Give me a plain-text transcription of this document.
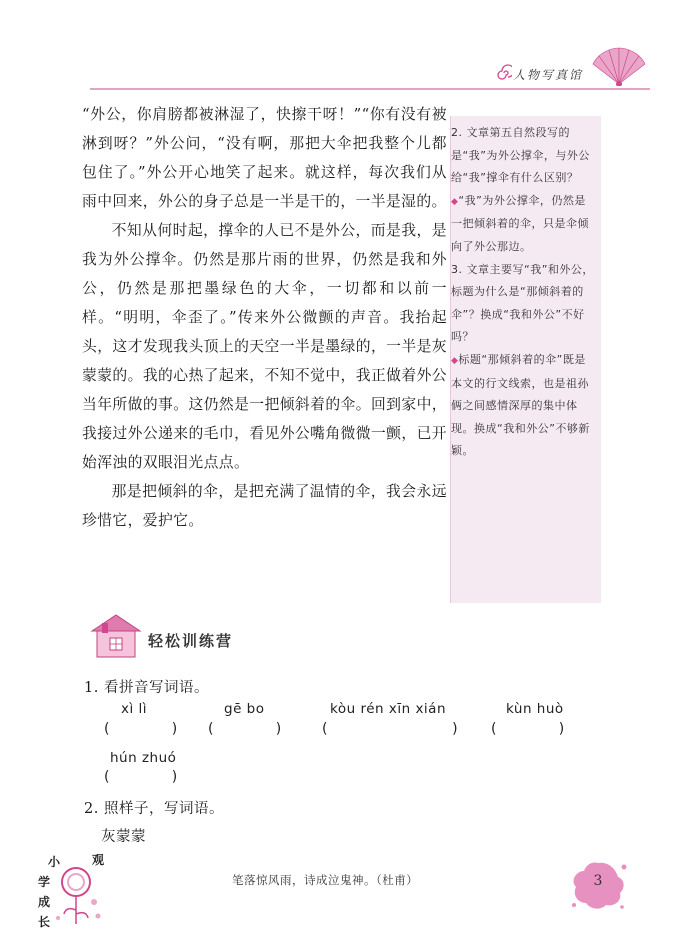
人物写真馆

“外公，你肩膀都被淋湿了，快擦干呀！”“你有没有被淋到呀？”外公问，“没有啊，那把大伞把我整个儿都包住了。”外公开心地笑了起来。就这样，每次我们从雨中回来，外公的身子总是一半是干的，一半是湿的。

不知从何时起，撑伞的人已不是外公，而是我，是我为外公撑伞。仍然是那片雨的世界，仍然是我和外公，仍然是那把墨绿色的大伞，一切都和以前一样。“明明，伞歪了。”传来外公微颤的声音。我抬起头，这才发现我头顶上的天空一半是墨绿的，一半是灰蒙蒙的。我的心热了起来，不知不觉中，我正做着外公当年所做的事。这仍然是一把倾斜着的伞。回到家中，我接过外公递来的毛巾，看见外公嘴角微微一颤，已开始浑浊的双眼泪光点点。

那是把倾斜的伞，是把充满了温情的伞，我会永远珍惜它，爱护它。

2. 文章第五自然段写的是“我”为外公撑伞，与外公给“我”撑伞有什么区别？

◆“我”为外公撑伞，仍然是一把倾斜着的伞，只是伞倾向了外公那边。

3. 文章主要写“我”和外公，标题为什么是“那倾斜着的伞”？换成“我和外公”不好吗？

◆标题“那倾斜着的伞”既是本文的行文线索，也是祖孙俩之间感情深厚的集中体现。换成“我和外公”不够新颖。

轻松训练营
1. 看拼音写词语。
xì lì	gē bo	kòu rén xīn xián	kùn huò
(              ) (              )	(                            ) (              )
hún zhuó
(              )
2. 照样子，写词语。
灰蒙蒙
小
学
成
长
观
笔落惊风雨，诗成泣鬼神。（杜甫）	3
